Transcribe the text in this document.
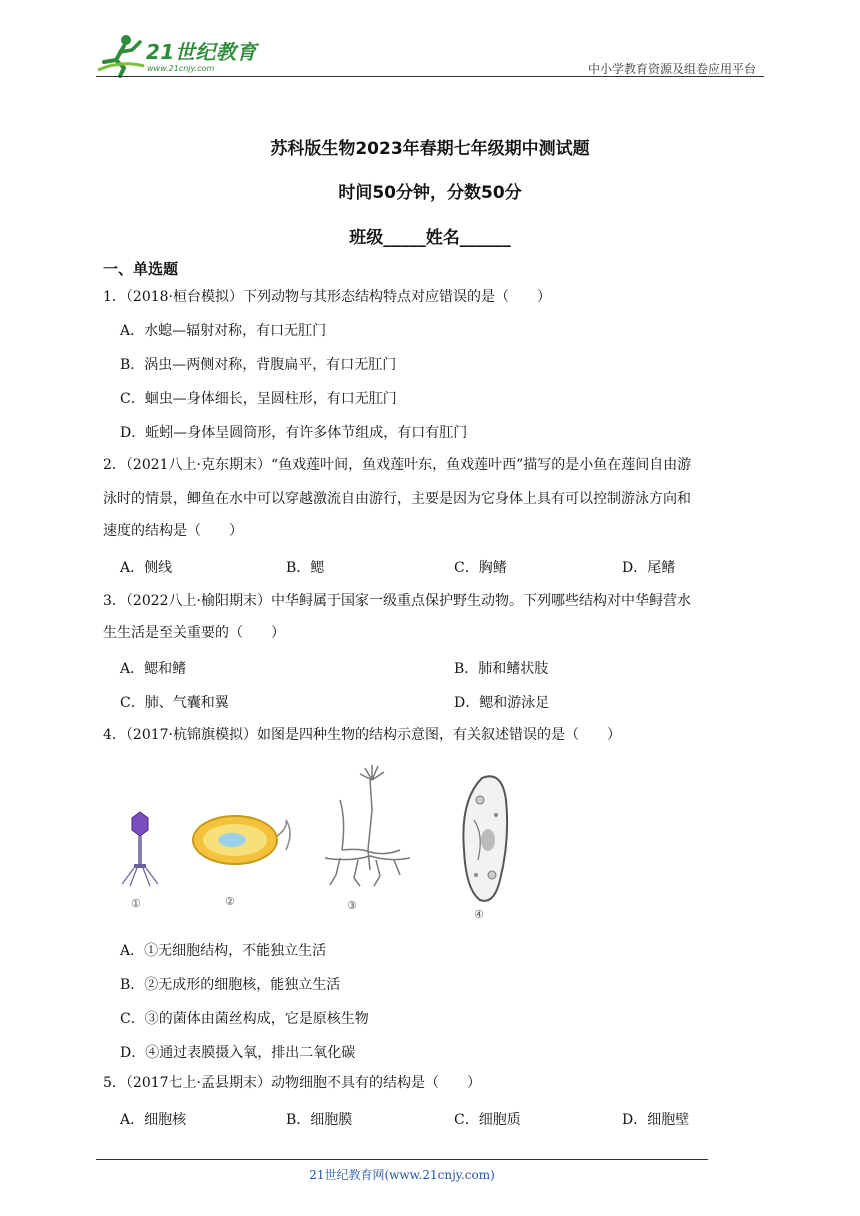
21世纪教育
www.21cnjy.com	中小学教育资源及组卷应用平台
苏科版生物2023年春期七年级期中测试题
时间50分钟，分数50分
班级_____姓名______
一、单选题
1．（2018·桓台模拟）下列动物与其形态结构特点对应错误的是（　　）
A．水螅—辐射对称，有口无肛门
B．涡虫—两侧对称，背腹扁平，有口无肛门
C．蛔虫—身体细长，呈圆柱形，有口无肛门
D．蚯蚓—身体呈圆筒形，有许多体节组成，有口有肛门
2．（2021八上·克东期末）“鱼戏莲叶间，鱼戏莲叶东，鱼戏莲叶西”描写的是小鱼在莲间自由游
泳时的情景，鲫鱼在水中可以穿越激流自由游行，主要是因为它身体上具有可以控制游泳方向和
速度的结构是（　　）
A．侧线	B．鳃	C．胸鳍	D．尾鳍
3．（2022八上·榆阳期末）中华鲟属于国家一级重点保护野生动物。下列哪些结构对中华鲟营水
生生活是至关重要的（　　）
A．鳃和鳍	B．肺和鳍状肢
C．肺、气囊和翼	D．鳃和游泳足
4．（2017·杭锦旗模拟）如图是四种生物的结构示意图，有关叙述错误的是（　　）
①	②	③
④
A．①无细胞结构，不能独立生活
B．②无成形的细胞核，能独立生活
C．③的菌体由菌丝构成，它是原核生物
D．④通过表膜摄入氧，排出二氧化碳
5．（2017七上·孟县期末）动物细胞不具有的结构是（　　）
A．细胞核	B．细胞膜	C．细胞质	D．细胞壁
21世纪教育网(www.21cnjy.com)
